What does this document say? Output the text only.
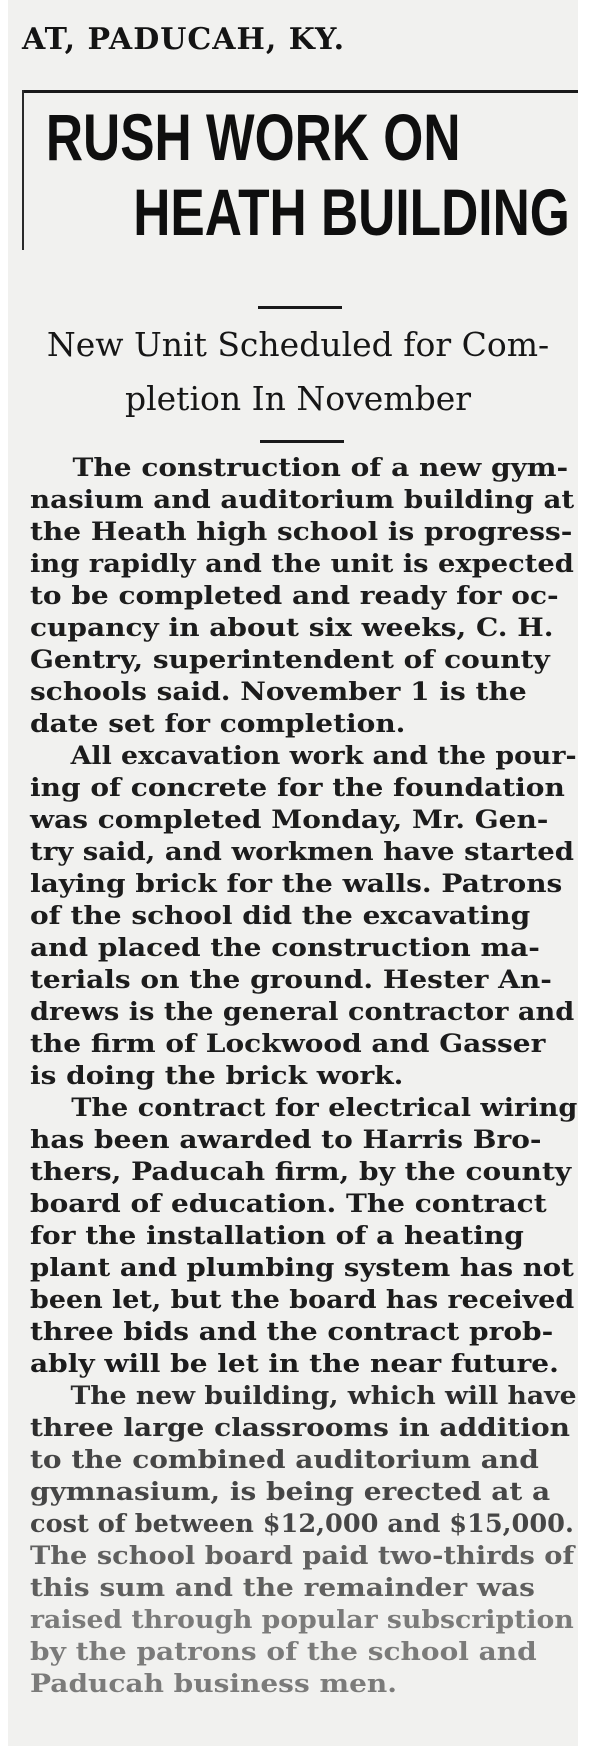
AT, PADUCAH, KY.
RUSH WORK ON
HEATH BUILDING
New Unit Scheduled for Com-
pletion In November
The construction of a new gym-
nasium and auditorium building at
the Heath high school is progress-
ing rapidly and the unit is expected
to be completed and ready for oc-
cupancy in about six weeks, C. H.
Gentry, superintendent of county
schools said. November 1 is the
date set for completion.
All excavation work and the pour-
ing of concrete for the foundation
was completed Monday, Mr. Gen-
try said, and workmen have started
laying brick for the walls. Patrons
of the school did the excavating
and placed the construction ma-
terials on the ground. Hester An-
drews is the general contractor and
the firm of Lockwood and Gasser
is doing the brick work.
The contract for electrical wiring
has been awarded to Harris Bro-
thers, Paducah firm, by the county
board of education. The contract
for the installation of a heating
plant and plumbing system has not
been let, but the board has received
three bids and the contract prob-
ably will be let in the near future.
The new building, which will have
three large classrooms in addition
to the combined auditorium and
gymnasium, is being erected at a
cost of between $12,000 and $15,000.
The school board paid two-thirds of
this sum and the remainder was
raised through popular subscription
by the patrons of the school and
Paducah business men.
